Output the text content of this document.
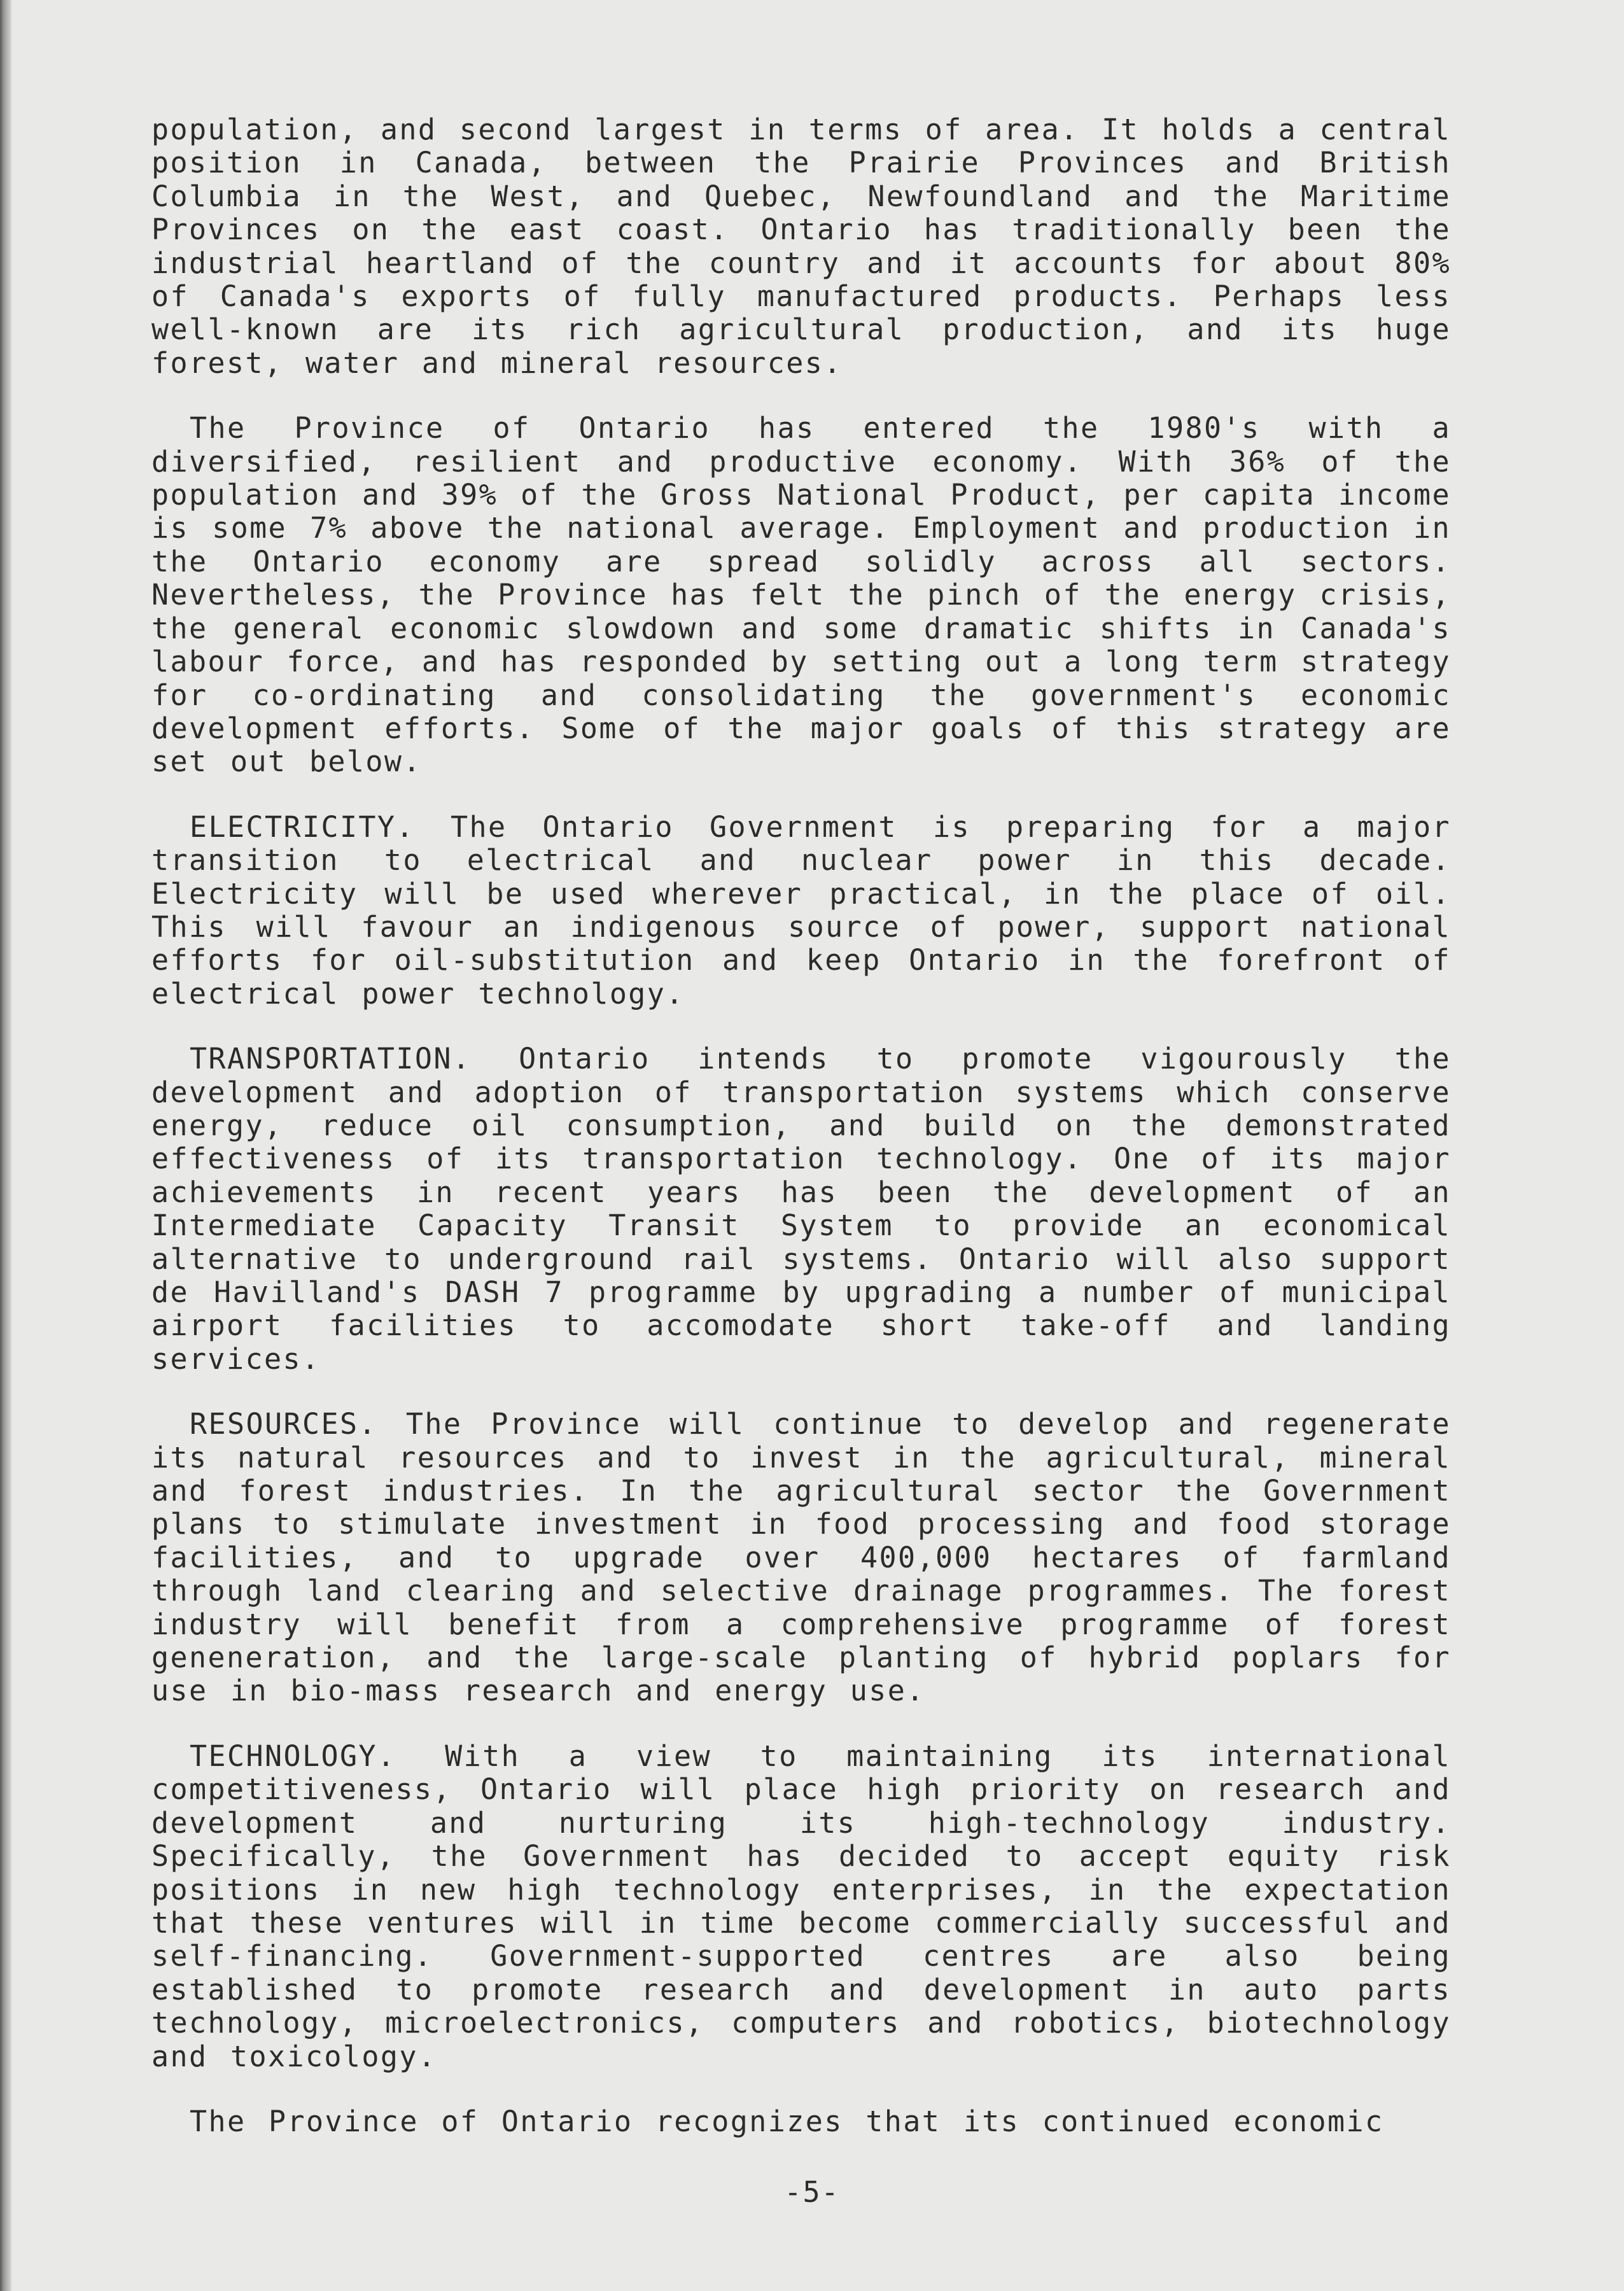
population, and second largest in terms of area. It holds a central position in Canada, between the Prairie Provinces and British Columbia in the West, and Quebec, Newfoundland and the Maritime Provinces on the east coast. Ontario has traditionally been the industrial heartland of the country and it accounts for about 80% of Canada's exports of fully manufactured products. Perhaps less well-known are its rich agricultural production, and its huge forest, water and mineral resources.

The Province of Ontario has entered the 1980's with a diversified, resilient and productive economy. With 36% of the population and 39% of the Gross National Product, per capita income is some 7% above the national average. Employment and production in the Ontario economy are spread solidly across all sectors. Nevertheless, the Province has felt the pinch of the energy crisis, the general economic slowdown and some dramatic shifts in Canada's labour force, and has responded by setting out a long term strategy for co-ordinating and consolidating the government's economic development efforts. Some of the major goals of this strategy are set out below.

ELECTRICITY. The Ontario Government is preparing for a major transition to electrical and nuclear power in this decade. Electricity will be used wherever practical, in the place of oil. This will favour an indigenous source of power, support national efforts for oil-substitution and keep Ontario in the forefront of electrical power technology.

TRANSPORTATION. Ontario intends to promote vigourously the development and adoption of transportation systems which conserve energy, reduce oil consumption, and build on the demonstrated effectiveness of its transportation technology. One of its major achievements in recent years has been the development of an Intermediate Capacity Transit System to provide an economical alternative to underground rail systems. Ontario will also support de Havilland's DASH 7 programme by upgrading a number of municipal airport facilities to accomodate short take-off and landing services.

RESOURCES. The Province will continue to develop and regenerate its natural resources and to invest in the agricultural, mineral and forest industries. In the agricultural sector the Government plans to stimulate investment in food processing and food storage facilities, and to upgrade over 400,000 hectares of farmland through land clearing and selective drainage programmes. The forest industry will benefit from a comprehensive programme of forest geneneration, and the large-scale planting of hybrid poplars for use in bio-mass research and energy use.

TECHNOLOGY. With a view to maintaining its international competitiveness, Ontario will place high priority on research and development and nurturing its high-technology industry. Specifically, the Government has decided to accept equity risk positions in new high technology enterprises, in the expectation that these ventures will in time become commercially successful and self-financing. Government-supported centres are also being established to promote research and development in auto parts technology, microelectronics, computers and robotics, biotechnology and toxicology.

The Province of Ontario recognizes that its continued economic

-5-
